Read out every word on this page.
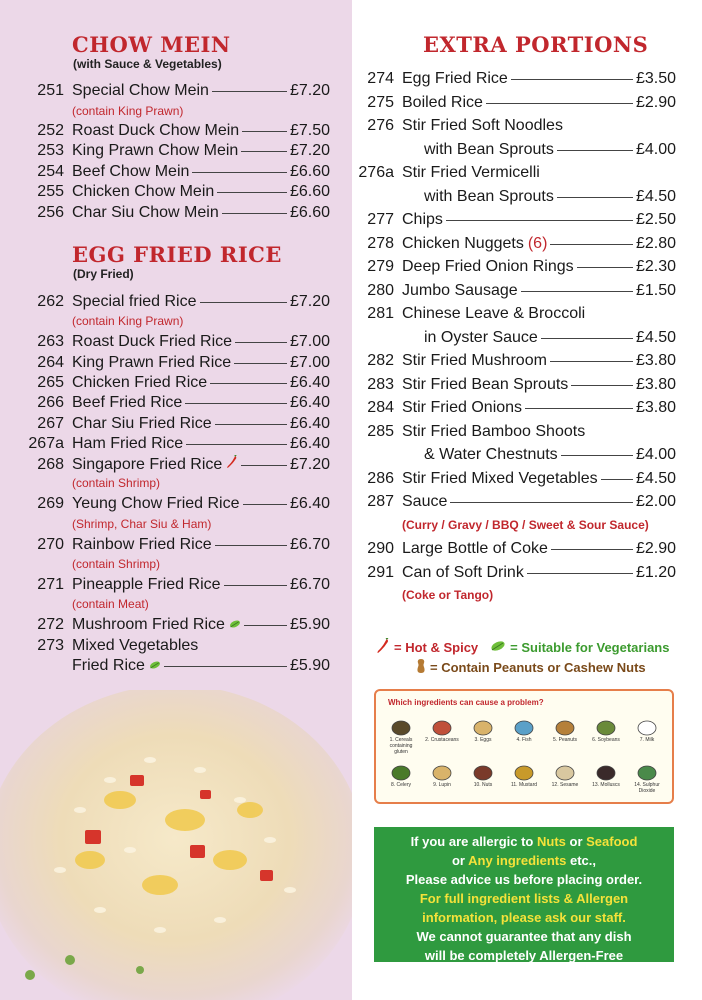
CHOW MEIN
(with Sauce & Vegetables)
251 Special Chow Mein	£7.20
(contain King Prawn)
252 Roast Duck Chow Mein	£7.50
253 King Prawn Chow Mein	£7.20
254 Beef Chow Mein	£6.60
255 Chicken Chow Mein	£6.60
256 Char Siu Chow Mein	£6.60
EGG FRIED RICE
(Dry Fried)
262 Special fried Rice	£7.20
(contain King Prawn)
263 Roast Duck Fried Rice	£7.00
264 King Prawn Fried Rice	£7.00
265 Chicken Fried Rice	£6.40
266 Beef Fried Rice	£6.40
267 Char Siu Fried Rice	£6.40
267a Ham Fried Rice	£6.40
268 Singapore Fried Rice	£7.20
(contain Shrimp)
269 Yeung Chow Fried Rice	£6.40
(Shrimp, Char Siu & Ham)
270 Rainbow Fried Rice	£6.70
(contain Shrimp)
271 Pineapple Fried Rice	£6.70
(contain Meat)
272 Mushroom Fried Rice	£5.90
273 Mixed Vegetables
Fried Rice	£5.90
EXTRA PORTIONS
274 Egg Fried Rice	£3.50
275 Boiled Rice	£2.90
276 Stir Fried Soft Noodles
with Bean Sprouts	£4.00
276a Stir Fried Vermicelli
with Bean Sprouts	£4.50
277 Chips	£2.50
278 Chicken Nuggets (6)	£2.80
279 Deep Fried Onion Rings	£2.30
280 Jumbo Sausage	£1.50
281 Chinese Leave & Broccoli
in Oyster Sauce	£4.50
282 Stir Fried Mushroom	£3.80
283 Stir Fried Bean Sprouts	£3.80
284 Stir Fried Onions	£3.80
285 Stir Fried Bamboo Shoots
& Water Chestnuts	£4.00
286 Stir Fried Mixed Vegetables £4.50
287 Sauce	£2.00
(Curry / Gravy / BBQ / Sweet & Sour Sauce)
290 Large Bottle of Coke	£2.90
291 Can of Soft Drink	£1.20
(Coke or Tango)
= Hot & Spicy = Suitable for Vegetarians
= Contain Peanuts or Cashew Nuts
Which ingredients can cause a problem?
1. Cereals containing gluten
2. Crustaceans	3. Eggs	4. Fish	5. Peanuts	6. Soybeans	7. Milk
8. Celery	9. Lupin	10. Nuts	11. Mustard	12. Sesame	13. Molluscs	14. Sulphur Dioxide
If you are allergic to Nuts or Seafood
or Any ingredients etc.,
Please advice us before placing order.
For full ingredient lists & Allergen
information, please ask our staff.
We cannot guarantee that any dish
will be completely Allergen-Free
